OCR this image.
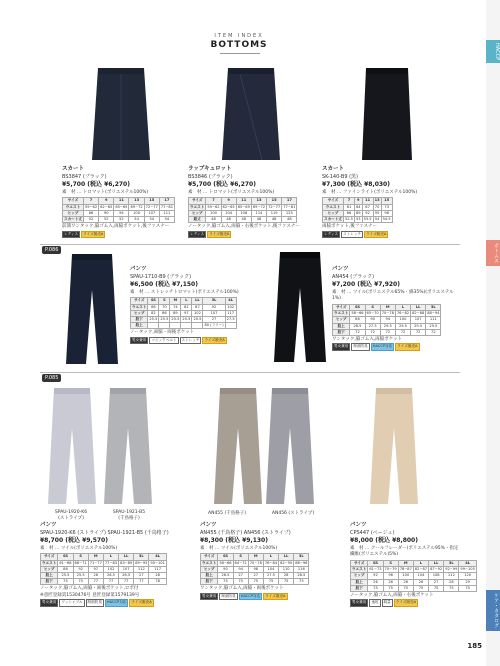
ITEM INDEX
BOTTOMS	HACCP
ボトムス
ケア・カタログ
スカート
BS3847 (ブラック)
¥5,700 (税込 ¥6,270)
素　材 … トロマット(ポリエステル100%)
サイズ	7	9	11	13	15	17
ウエスト	59~62	62~65	65~69	69~72	72~77	77~81
ヒップ	86	90	94	100	107	111
スカート丈	52	52	52	54	54	54
前開ワンタック,脇ゴム入,両脇ポケット,後ファスナー
レディス ライズ販売A
ラップキュロット
BS3846 (ブラック)
¥5,700 (税込 ¥6,270)
素　材 … トロマット(ポリエステル100%)
サイズ	7	9	11	13	15	17
ウエスト	59~62	62~65	65~69	69~72	72~77	77~81
ヒップ	100	104	108	114	119	125
総丈	48	48	48	48	48	48
ノータック,脇ゴム入,両脇・右後ポケット,後ファスナー
レディス ライズ販売A
スカート
SK-140-B9 (黒)
¥7,300 (税込 ¥8,030)
素　材 … ファインライト(ポリエステル100%)
サイズ	7	9	11	13	15
ウエスト	61	64	67	70	73
ヒップ	86	89	92	95	98
スカート丈	52.5	53	53.5	54	54.5
両脇ポケット,後ファスナー
レディス ストレッチ ライズ販売A
P.086
パンツ
SPAU-1710-B9 (ブラック)
¥6,500 (税込 ¥7,150)
素　材 … ストレッチトロマット(ポリエステル100%)
サイズ	SS	S	M	L	LL	3L	4L
ウエスト	66	70	74	81	87	92	102
ヒップ	82	86	89	97	102	107	117
股下	25.5	25.5	25.5	25.5	25.5	27	27.5
股上						80 (フリー)	
ノータック,両脇・両後ポケット
男女兼用 マジックベルト ストレッチ ライズ販売A
パンツ
AN454 (ブラック)
¥7,200 (税込 ¥7,920)
素　材 … ツイル(ポリエステル65%・綿35%)(ポリエステル1%)
サイズ	SS	S	M	L	LL	3L
ウエスト	58~66	65~70	70~78	76~82	82~88	88~94
ヒップ	86	90	94	100	107	111
股上	28.5	27.5	29.5	29.5	29.5	29.5
股下	72	72	72	72	72	72
ワンタック,脇ゴム入,両脇ポケット
男女兼用 制菌防臭 HACCP対応 ライズ販売A
P.085
SPAU-1920-K6
(ストライプ)
SPAU-1921-B5
(千鳥格子)
AN455 (千鳥格子)	AN456 (ストライプ)
パンツ
SPAU-1920-K6 (ストライプ) SPAU-1921-B5 (千鳥格子)
¥8,700 (税込 ¥9,570)
素　材 … ツイル(ポリエステル100%)
サイズ	SS	S	M	L	LL	3L	4L
ウエスト	61~68	66~71	71~77	77~83	83~89	89~95	95~101
ヒップ	88	92	97	102	107	112	117
股上	25.5	25.5	26	26.5	26.5	27	28
股下	75	75	77	77	77	77	78
ノータック,脇ゴム入,両脇・両後ポケット,ロポ付
※意匠登録第1530476号 意匠登録第1579139号
男女兼用 ワッシャブル 制菌防臭 HACCP対応 ライズ販売A
パンツ
AN455 (千鳥格子) AN456 (ストライプ)
¥8,300 (税込 ¥9,130)
素　材 … ツイル(ポリエステル100%)
サイズ	SS	S	M	L	LL	3L
ウエスト	58~66	64~72	70~78	76~84	82~90	88~96
ヒップ	90	94	98	104	110	116
股上	26.5	27	27	27.5	28	28.5
股下	75	75	75	75	75	75
ワンタック,脇ゴム入,両脇・両後ポケット
男女兼用 制菌防臭 HACCP対応 ライズ販売A
パンツ
CPS447 (ベージュ)
¥8,000 (税込 ¥8,800)
素　材 … クールフレーダー(ポリエステル95%・指定繊維(ポリエステル)5%)
サイズ	SS	S	M	L	LL	3L	4L
ウエスト	61~73	70~79	78~87	82~87	87~92	92~99	99~105
ヒップ	92	96	100	104	108	112	120
股上	26	26	26	26	27	28	29
股下	75	75	75	75	75	75	75
ノータック,脇ゴム入,両脇・右後ポケット
男女兼用 速乾 軽量 ライズ販売A
185
